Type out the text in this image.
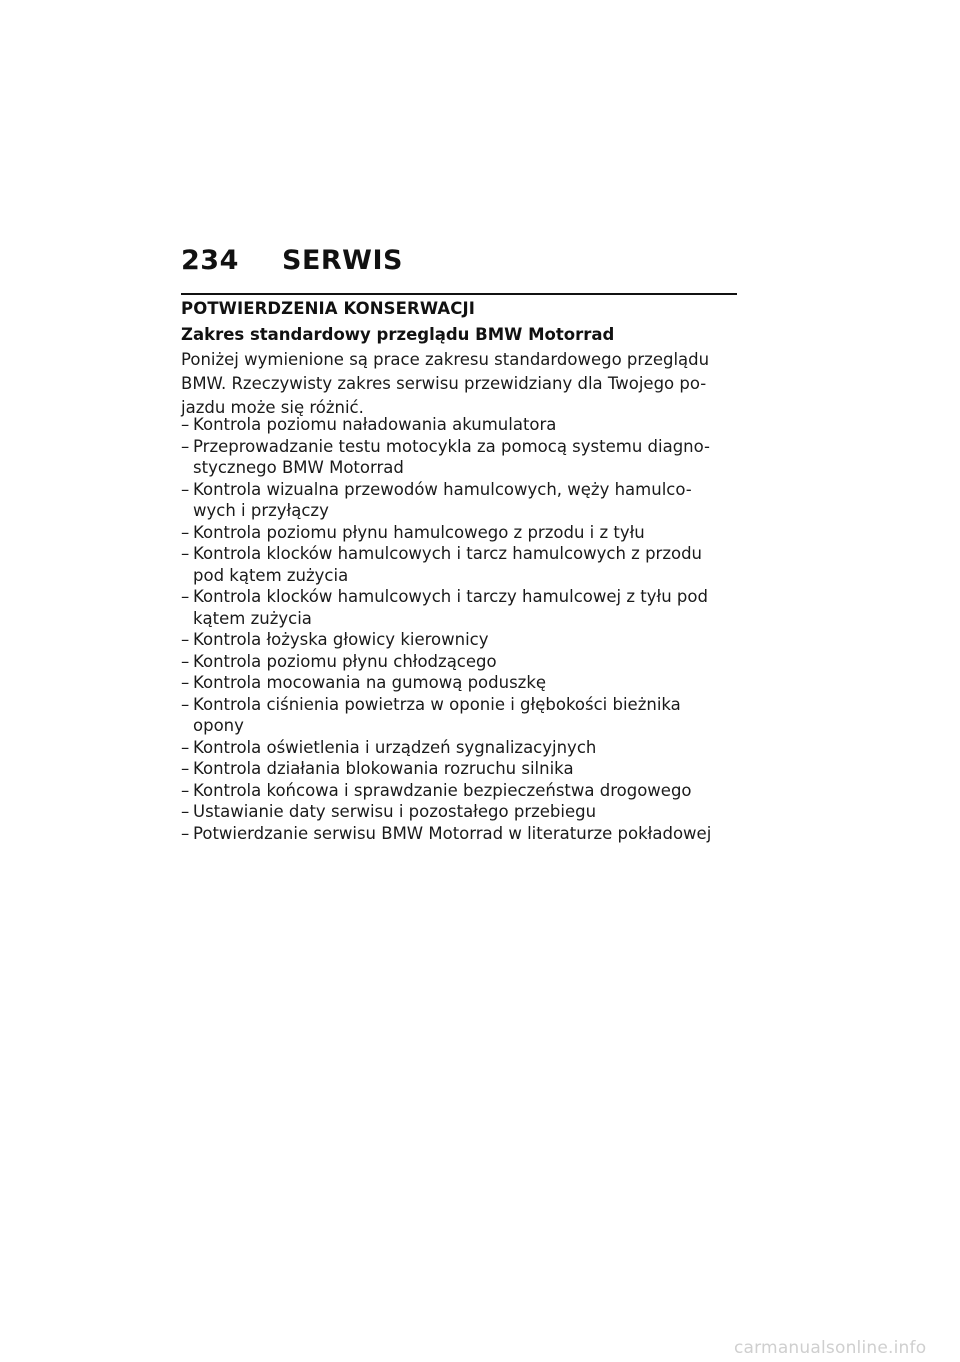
234 SERWIS
POTWIERDZENIA KONSERWACJI
Zakres standardowy przeglądu BMW Motorrad

Poniżej wymienione są prace zakresu standardowego przeglądu
BMW. Rzeczywisty zakres serwisu przewidziany dla Twojego po-
jazdu może się różnić.

– Kontrola poziomu naładowania akumulatora
– Przeprowadzanie testu motocykla za pomocą systemu diagno-
stycznego BMW Motorrad
– Kontrola wizualna przewodów hamulcowych, węży hamulco-
wych i przyłączy
– Kontrola poziomu płynu hamulcowego z przodu i z tyłu
– Kontrola klocków hamulcowych i tarcz hamulcowych z przodu
pod kątem zużycia
– Kontrola klocków hamulcowych i tarczy hamulcowej z tyłu pod
kątem zużycia
– Kontrola łożyska głowicy kierownicy
– Kontrola poziomu płynu chłodzącego
– Kontrola mocowania na gumową poduszkę
– Kontrola ciśnienia powietrza w oponie i głębokości bieżnika
opony
– Kontrola oświetlenia i urządzeń sygnalizacyjnych
– Kontrola działania blokowania rozruchu silnika
– Kontrola końcowa i sprawdzanie bezpieczeństwa drogowego
– Ustawianie daty serwisu i pozostałego przebiegu
– Potwierdzanie serwisu BMW Motorrad w literaturze pokładowej
carmanualsonline.info
